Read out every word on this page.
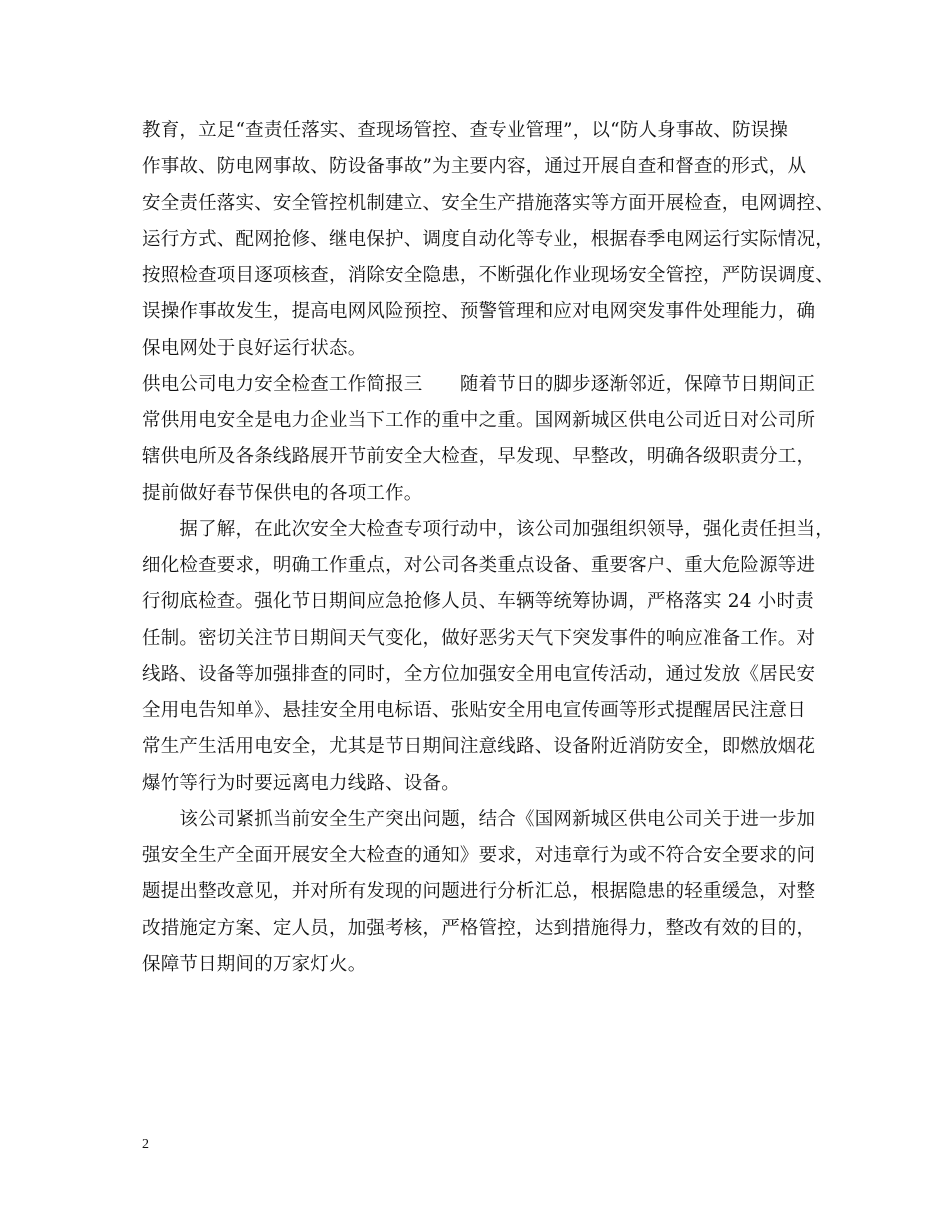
教育，立足“查责任落实、查现场管控、查专业管理”，以“防人身事故、防误操
作事故、防电网事故、防设备事故”为主要内容，通过开展自查和督查的形式，从
安全责任落实、安全管控机制建立、安全生产措施落实等方面开展检查，电网调控、
运行方式、配网抢修、继电保护、调度自动化等专业，根据春季电网运行实际情况，
按照检查项目逐项核查，消除安全隐患，不断强化作业现场安全管控，严防误调度、
误操作事故发生，提高电网风险预控、预警管理和应对电网突发事件处理能力，确
保电网处于良好运行状态。
供电公司电力安全检查工作简报三　　随着节日的脚步逐渐邻近，保障节日期间正
常供用电安全是电力企业当下工作的重中之重。国网新城区供电公司近日对公司所
辖供电所及各条线路展开节前安全大检查，早发现、早整改，明确各级职责分工，
提前做好春节保供电的各项工作。
　　据了解，在此次安全大检查专项行动中，该公司加强组织领导，强化责任担当，
细化检查要求，明确工作重点，对公司各类重点设备、重要客户、重大危险源等进
行彻底检查。强化节日期间应急抢修人员、车辆等统筹协调，严格落实 24 小时责
任制。密切关注节日期间天气变化，做好恶劣天气下突发事件的响应准备工作。对
线路、设备等加强排查的同时，全方位加强安全用电宣传活动，通过发放《居民安
全用电告知单》、悬挂安全用电标语、张贴安全用电宣传画等形式提醒居民注意日
常生产生活用电安全，尤其是节日期间注意线路、设备附近消防安全，即燃放烟花
爆竹等行为时要远离电力线路、设备。
　　该公司紧抓当前安全生产突出问题，结合《国网新城区供电公司关于进一步加
强安全生产全面开展安全大检查的通知》要求，对违章行为或不符合安全要求的问
题提出整改意见，并对所有发现的问题进行分析汇总，根据隐患的轻重缓急，对整
改措施定方案、定人员，加强考核，严格管控，达到措施得力，整改有效的目的，
保障节日期间的万家灯火。
2
